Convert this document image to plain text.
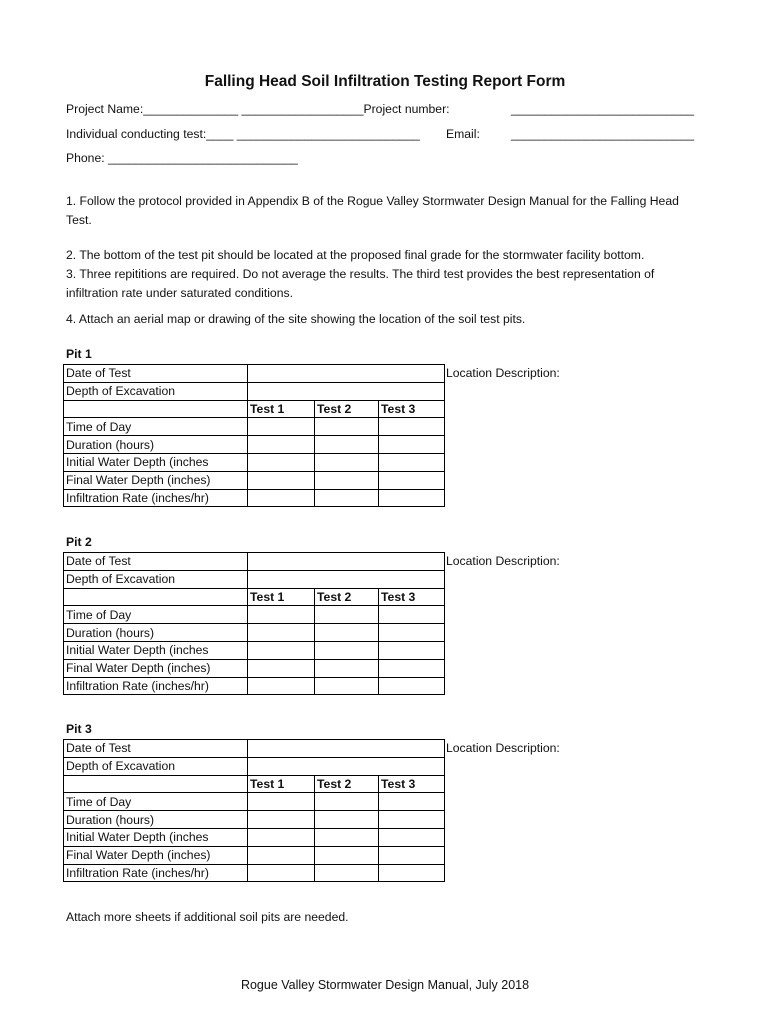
Falling Head Soil Infiltration Testing Report Form
Project Name:______________ __________________Project number:	___________________________
Individual conducting test:____ ___________________________ Email:	___________________________
Phone: ____________________________
1. Follow the protocol provided in Appendix B of the Rogue Valley Stormwater Design Manual for the Falling Head Test.
2. The bottom of the test pit should be located at the proposed final grade for the stormwater facility bottom.
3. Three repititions are required. Do not average the results. The third test provides the best representation of infiltration rate under saturated conditions.
4. Attach an aerial map or drawing of the site showing the location of the soil test pits.
Pit 1
Location Description:
Date of Test			
Depth of Excavation			
	Test 1	Test 2	Test 3
Time of Day			
Duration (hours)			
Initial Water Depth (inches			
Final Water Depth (inches)			
Infiltration Rate (inches/hr)			
Pit 2
Location Description:
Date of Test			
Depth of Excavation			
	Test 1	Test 2	Test 3
Time of Day			
Duration (hours)			
Initial Water Depth (inches			
Final Water Depth (inches)			
Infiltration Rate (inches/hr)			
Pit 3
Location Description:
Date of Test			
Depth of Excavation			
	Test 1	Test 2	Test 3
Time of Day			
Duration (hours)			
Initial Water Depth (inches			
Final Water Depth (inches)			
Infiltration Rate (inches/hr)			
Attach more sheets if additional soil pits are needed.
Rogue Valley Stormwater Design Manual, July 2018
